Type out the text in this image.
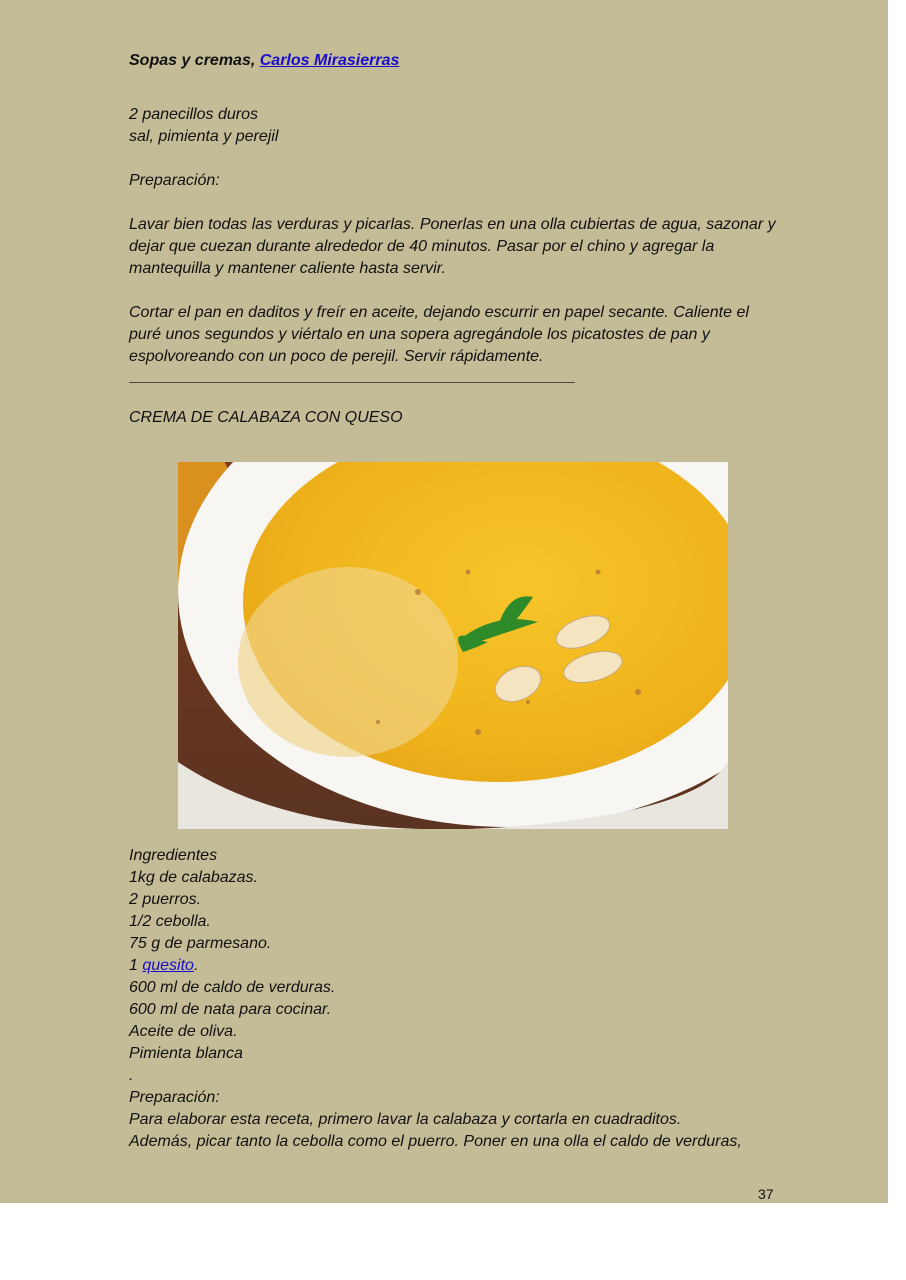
Sopas y cremas, Carlos Mirasierras

2 panecillos duros

sal, pimienta y perejil

Preparación:

Lavar bien todas las verduras y picarlas. Ponerlas en una olla cubiertas de agua, sazonar y dejar que cuezan durante alrededor de 40 minutos. Pasar por el chino y agregar la mantequilla y mantener caliente hasta servir.

Cortar el pan en daditos y freír en aceite, dejando escurrir en papel secante. Caliente el puré unos segundos y viértalo en una sopera agregándole los picatostes de pan y espolvoreando con un poco de perejil. Servir rápidamente.

CREMA DE CALABAZA CON QUESO

Ingredientes

1kg de calabazas.

2 puerros.

1/2 cebolla.

75 g de parmesano.

1 quesito.

600 ml de caldo de verduras.

600 ml de nata para cocinar.

Aceite de oliva.

Pimienta blanca

.

Preparación:

Para elaborar esta receta, primero lavar la calabaza y cortarla en cuadraditos.

Además, picar tanto la cebolla como el puerro. Poner en una olla el caldo de verduras,

37
